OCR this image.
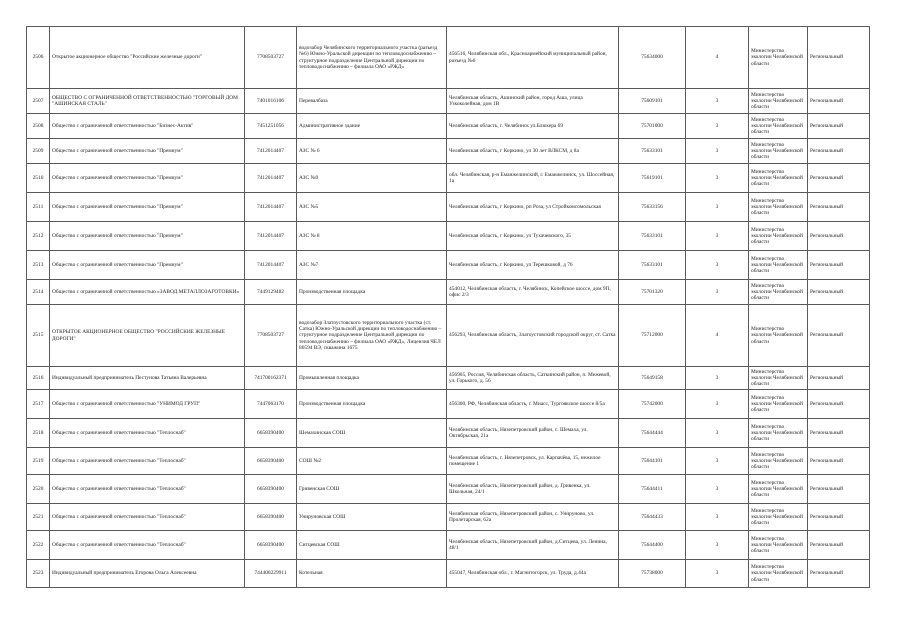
2506	Открытое акционерное общество "Российские железные дороги"	7708503727	водозабор Челябинского территориального участка (разъезд №6) Южно-Уральской дирекции по тепловодоснабжению – структурное подразделение Центральной дирекции по тепловодоснабжению – филиала ОАО «РЖД»	456516, Челябинская обл., Красноармейский муниципальный район, разъезд №6	75634000	4	Министерство экологии Челябинской области	Региональный
2507	ОБЩЕСТВО С ОГРАНИЧЕННОЙ ОТВЕТСТВЕННОСТЬЮ "ТОРГОВЫЙ ДОМ "АШИНСКАЯ СТАЛЬ"	7401016106	Перевалбаза	Челябинская область, Ашинский район, город Аша, улица Узкоколейная, дом 1В	75609101	3	Министерство экологии Челябинской области	Региональный
2508	Общество с ограниченной ответственностью "Бизнес-Актив"	7451251056	Административное здание	Челябинская область, г. Челябинск ул.Блюхера 69	75701000	3	Министерство экологии Челябинской области	Региональный
2509	Общество с ограниченной ответственностью "Премиум"	7412014407	АЗС № 6	Челябинская область, г Коркино, ул 30 лет ВЛКСМ, д 8а	75633101	3	Министерство экологии Челябинской области	Региональный
2510	Общество с ограниченной ответственностью "Премиум"	7412014407	АЗС №9	обл. Челябинская, р-н Еманжелинский, г. Еманжелинск, ул. Шоссейная, 1а	75619101	3	Министерство экологии Челябинской области	Региональный
2511	Общество с ограниченной ответственностью "Премиум"	7412014407	АЗС №5	Челябинская область, г Коркино, рп Роза, ул Стройкомсомольская	75633156	3	Министерство экологии Челябинской области	Региональный
2512	Общество с ограниченной ответственностью "Премиум"	7412014407	АЗС № 8	Челябинская область, г Коркино, ул Тухачевского, 35	75633101	3	Министерство экологии Челябинской области	Региональный
2513	Общество с ограниченной ответственностью "Премиум"	7412014407	АЗС №7	Челябинская область, г Коркино, ул Терешковой, д 76	75633101	3	Министерство экологии Челябинской области	Региональный
2514	Общество с ограниченной ответственностью «ЗАВОД МЕТАЛЛОЗАГОТОВКИ»	7449129482	Производственная площадка	454012, Челябинская область, г. Челябинск, Копейское шоссе, дом 9П, офис 2/3	75701320	3	Министерство экологии Челябинской области	Региональный
2515	ОТКРЫТОЕ АКЦИОНЕРНОЕ ОБЩЕСТВО "РОССИЙСКИЕ ЖЕЛЕЗНЫЕ ДОРОГИ"	7708503727	водозабор Златоустовского территориального участка (ст. Сатка) Южно-Уральской дирекции по тепловодоснабжению – структурное подразделение Центральной дирекции по тепловодоснабжению – филиала ОАО «РЖД», Лицензия ЧЕЛ 80594 ВЭ, скважина 1675	456293, Челябинская область, Златоустовский городской округ, ст. Сатка	75712000	4	Министерство экологии Челябинской области	Региональный
2516	Индивидуальный предприниматель Пестунова Татьяна Валерьевна	741700162371	Промышленная площадка	456905, Россия, Челябинская область, Саткинский район, п. Межевой, ул. Горького, д. 56	75649158	3	Министерство экологии Челябинской области	Региональный
2517	Общество с ограниченной ответственностью "УНИМОД ГРУП"	7447063170	Производственная площадка	456300, РФ, Челябинская область, г. Миасс, Тургоякское шоссе 8/5а	75742000	3	Министерство экологии Челябинской области	Региональный
2518	Общество с ограниченной ответственностью "Теплоснаб"	6658390400	Шемахинская СОШ	Челябинская область, Нязепетровский район, с. Шемаха, ул. Октябрьская, 21а	75644444	3	Министерство экологии Челябинской области	Региональный
2519	Общество с ограниченной ответственностью "Теплоснаб"	6658390400	СОШ №2	Челябинская область, г. Нязепетровск, ул. Карпачёва, 15, нежилое помещение 1	75644101	3	Министерство экологии Челябинской области	Региональный
2520	Общество с ограниченной ответственностью "Теплоснаб"	6658390400	Гривенская СОШ	Челябинская область, Нязепетровский район, д. Гривенка, ул. Школьная, 24/1	75644411	3	Министерство экологии Челябинской области	Региональный
2521	Общество с ограниченной ответственностью "Теплоснаб"	6658390400	Унируновская СОШ	Челябинская область, Нязепетровский район, с. Унируново, ул. Пролетарская, 62а	75644433	3	Министерство экологии Челябинской области	Региональный
2522	Общество с ограниченной ответственностью "Теплоснаб"	6658390400	Ситцевская СОШ	Челябинская область, Нязепетровский район, д.Ситцева, ул. Ленина, 48/1	75644400	3	Министерство экологии Челябинской области	Региональный
2523	Индивидуальный предприниматель Егорова Ольга Алексеевна	744400229911	Котельная	455047, Челябинская обл., г. Магнитогорск, ул. Труда, д.44а	75738000	3	Министерство экологии Челябинской области	Региональный
